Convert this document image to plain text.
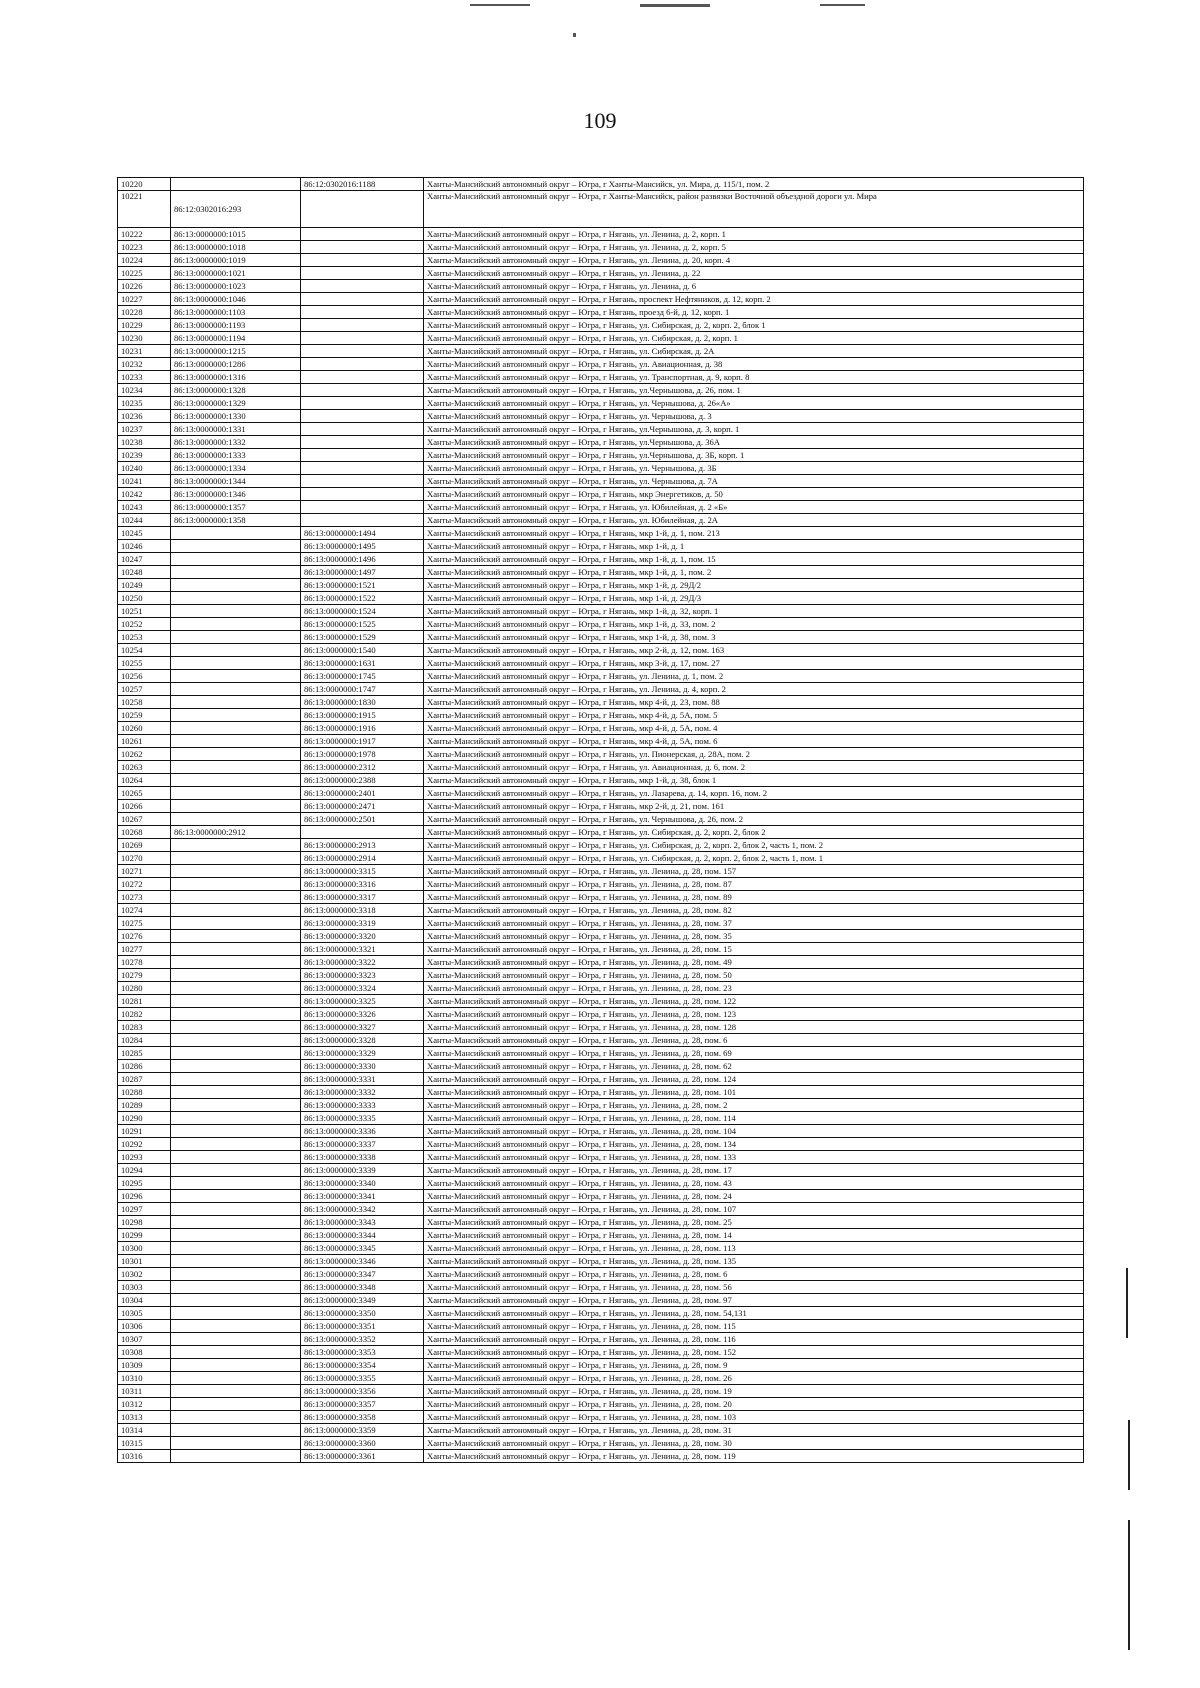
109
10220		86:12:0302016:1188	Ханты-Мансийский автономный округ – Югра, г Ханты-Мансийск, ул. Мира, д. 115/1, пом. 2
10221	86:12:0302016:293		Ханты-Мансийский автономный округ – Югра, г Ханты-Мансийск, район развязки Восточной объездной дороги ул. Мира
10222	86:13:0000000:1015		Ханты-Мансийский автономный округ – Югра, г Нягань, ул. Ленина, д. 2, корп. 1
10223	86:13:0000000:1018		Ханты-Мансийский автономный округ – Югра, г Нягань, ул. Ленина, д. 2, корп. 5
10224	86:13:0000000:1019		Ханты-Мансийский автономный округ – Югра, г Нягань, ул. Ленина, д. 20, корп. 4
10225	86:13:0000000:1021		Ханты-Мансийский автономный округ – Югра, г Нягань, ул. Ленина, д. 22
10226	86:13:0000000:1023		Ханты-Мансийский автономный округ – Югра, г Нягань, ул. Ленина, д. 6
10227	86:13:0000000:1046		Ханты-Мансийский автономный округ – Югра, г Нягань, проспект Нефтяников, д. 12, корп. 2
10228	86:13:0000000:1103		Ханты-Мансийский автономный округ – Югра, г Нягань, проезд 6-й, д. 12, корп. 1
10229	86:13:0000000:1193		Ханты-Мансийский автономный округ – Югра, г Нягань, ул. Сибирская, д. 2, корп. 2, блок 1
10230	86:13:0000000:1194		Ханты-Мансийский автономный округ – Югра, г Нягань, ул. Сибирская, д. 2, корп. 1
10231	86:13:0000000:1215		Ханты-Мансийский автономный округ – Югра, г Нягань, ул. Сибирская, д. 2А
10232	86:13:0000000:1286		Ханты-Мансийский автономный округ – Югра, г Нягань, ул. Авиационная, д. 38
10233	86:13:0000000:1316		Ханты-Мансийский автономный округ – Югра, г Нягань, ул. Транспортная, д. 9, корп. 8
10234	86:13:0000000:1328		Ханты-Мансийский автономный округ – Югра, г Нягань, ул.Чернышова, д. 26, пом. 1
10235	86:13:0000000:1329		Ханты-Мансийский автономный округ – Югра, г Нягань, ул. Чернышова, д. 26«А»
10236	86:13:0000000:1330		Ханты-Мансийский автономный округ – Югра, г Нягань, ул. Чернышова, д. 3
10237	86:13:0000000:1331		Ханты-Мансийский автономный округ – Югра, г Нягань, ул.Чернышова, д. 3, корп. 1
10238	86:13:0000000:1332		Ханты-Мансийский автономный округ – Югра, г Нягань, ул.Чернышова, д. 36А
10239	86:13:0000000:1333		Ханты-Мансийский автономный округ – Югра, г Нягань, ул.Чернышова, д. 3Б, корп. 1
10240	86:13:0000000:1334		Ханты-Мансийский автономный округ – Югра, г Нягань, ул. Чернышова, д. 3Б
10241	86:13:0000000:1344		Ханты-Мансийский автономный округ – Югра, г Нягань, ул. Чернышова, д. 7А
10242	86:13:0000000:1346		Ханты-Мансийский автономный округ – Югра, г Нягань, мкр Энергетиков, д. 50
10243	86:13:0000000:1357		Ханты-Мансийский автономный округ – Югра, г Нягань, ул. Юбилейная, д. 2 «Б»
10244	86:13:0000000:1358		Ханты-Мансийский автономный округ – Югра, г Нягань, ул. Юбилейная, д. 2А
10245		86:13:0000000:1494	Ханты-Мансийский автономный округ – Югра, г Нягань, мкр 1-й, д. 1, пом. 213
10246		86:13:0000000:1495	Ханты-Мансийский автономный округ – Югра, г Нягань, мкр 1-й, д. 1
10247		86:13:0000000:1496	Ханты-Мансийский автономный округ – Югра, г Нягань, мкр 1-й, д. 1, пом. 15
10248		86:13:0000000:1497	Ханты-Мансийский автономный округ – Югра, г Нягань, мкр 1-й, д. 1, пом. 2
10249		86:13:0000000:1521	Ханты-Мансийский автономный округ – Югра, г Нягань, мкр 1-й, д. 29Д/2
10250		86:13:0000000:1522	Ханты-Мансийский автономный округ – Югра, г Нягань, мкр 1-й, д. 29Д/3
10251		86:13:0000000:1524	Ханты-Мансийский автономный округ – Югра, г Нягань, мкр 1-й, д. 32, корп. 1
10252		86:13:0000000:1525	Ханты-Мансийский автономный округ – Югра, г Нягань, мкр 1-й, д. 33, пом. 2
10253		86:13:0000000:1529	Ханты-Мансийский автономный округ – Югра, г Нягань, мкр 1-й, д. 38, пом. 3
10254		86:13:0000000:1540	Ханты-Мансийский автономный округ – Югра, г Нягань, мкр 2-й, д. 12, пом. 163
10255		86:13:0000000:1631	Ханты-Мансийский автономный округ – Югра, г Нягань, мкр 3-й, д. 17, пом. 27
10256		86:13:0000000:1745	Ханты-Мансийский автономный округ – Югра, г Нягань, ул. Ленина, д. 1, пом. 2
10257		86:13:0000000:1747	Ханты-Мансийский автономный округ – Югра, г Нягань, ул. Ленина, д. 4, корп. 2
10258		86:13:0000000:1830	Ханты-Мансийский автономный округ – Югра, г Нягань, мкр 4-й, д. 23, пом. 88
10259		86:13:0000000:1915	Ханты-Мансийский автономный округ – Югра, г Нягань, мкр 4-й, д. 5А, пом. 5
10260		86:13:0000000:1916	Ханты-Мансийский автономный округ – Югра, г Нягань, мкр 4-й, д. 5А, пом. 4
10261		86:13:0000000:1917	Ханты-Мансийский автономный округ – Югра, г Нягань, мкр 4-й, д. 5А, пом. 6
10262		86:13:0000000:1978	Ханты-Мансийский автономный округ – Югра, г Нягань, ул. Пионерская, д. 28А, пом. 2
10263		86:13:0000000:2312	Ханты-Мансийский автономный округ – Югра, г Нягань, ул. Авиационная, д. 6, пом. 2
10264		86:13:0000000:2388	Ханты-Мансийский автономный округ – Югра, г Нягань, мкр 1-й, д. 38, блок 1
10265		86:13:0000000:2401	Ханты-Мансийский автономный округ – Югра, г Нягань, ул. Лазарева, д. 14, корп. 16, пом. 2
10266		86:13:0000000:2471	Ханты-Мансийский автономный округ – Югра, г Нягань, мкр 2-й, д. 21, пом. 161
10267		86:13:0000000:2501	Ханты-Мансийский автономный округ – Югра, г Нягань, ул. Чернышова, д. 26, пом. 2
10268	86:13:0000000:2912		Ханты-Мансийский автономный округ – Югра, г Нягань, ул. Сибирская, д. 2, корп. 2, блок 2
10269		86:13:0000000:2913	Ханты-Мансийский автономный округ – Югра, г Нягань, ул. Сибирская, д. 2, корп. 2, блок 2, часть 1, пом. 2
10270		86:13:0000000:2914	Ханты-Мансийский автономный округ – Югра, г Нягань, ул. Сибирская, д. 2, корп. 2, блок 2, часть 1, пом. 1
10271		86:13:0000000:3315	Ханты-Мансийский автономный округ – Югра, г Нягань, ул. Ленина, д. 28, пом. 157
10272		86:13:0000000:3316	Ханты-Мансийский автономный округ – Югра, г Нягань, ул. Ленина, д. 28, пом. 87
10273		86:13:0000000:3317	Ханты-Мансийский автономный округ – Югра, г Нягань, ул. Ленина, д. 28, пом. 89
10274		86:13:0000000:3318	Ханты-Мансийский автономный округ – Югра, г Нягань, ул. Ленина, д. 28, пом. 82
10275		86:13:0000000:3319	Ханты-Мансийский автономный округ – Югра, г Нягань, ул. Ленина, д. 28, пом. 37
10276		86:13:0000000:3320	Ханты-Мансийский автономный округ – Югра, г Нягань, ул. Ленина, д. 28, пом. 35
10277		86:13:0000000:3321	Ханты-Мансийский автономный округ – Югра, г Нягань, ул. Ленина, д. 28, пом. 15
10278		86:13:0000000:3322	Ханты-Мансийский автономный округ – Югра, г Нягань, ул. Ленина, д. 28, пом. 49
10279		86:13:0000000:3323	Ханты-Мансийский автономный округ – Югра, г Нягань, ул. Ленина, д. 28, пом. 50
10280		86:13:0000000:3324	Ханты-Мансийский автономный округ – Югра, г Нягань, ул. Ленина, д. 28, пом. 23
10281		86:13:0000000:3325	Ханты-Мансийский автономный округ – Югра, г Нягань, ул. Ленина, д. 28, пом. 122
10282		86:13:0000000:3326	Ханты-Мансийский автономный округ – Югра, г Нягань, ул. Ленина, д. 28, пом. 123
10283		86:13:0000000:3327	Ханты-Мансийский автономный округ – Югра, г Нягань, ул. Ленина, д. 28, пом. 128
10284		86:13:0000000:3328	Ханты-Мансийский автономный округ – Югра, г Нягань, ул. Ленина, д. 28, пом. 6
10285		86:13:0000000:3329	Ханты-Мансийский автономный округ – Югра, г Нягань, ул. Ленина, д. 28, пом. 69
10286		86:13:0000000:3330	Ханты-Мансийский автономный округ – Югра, г Нягань, ул. Ленина, д. 28, пом. 62
10287		86:13:0000000:3331	Ханты-Мансийский автономный округ – Югра, г Нягань, ул. Ленина, д. 28, пом. 124
10288		86:13:0000000:3332	Ханты-Мансийский автономный округ – Югра, г Нягань, ул. Ленина, д. 28, пом. 101
10289		86:13:0000000:3333	Ханты-Мансийский автономный округ – Югра, г Нягань, ул. Ленина, д. 28, пом. 2
10290		86:13:0000000:3335	Ханты-Мансийский автономный округ – Югра, г Нягань, ул. Ленина, д. 28, пом. 114
10291		86:13:0000000:3336	Ханты-Мансийский автономный округ – Югра, г Нягань, ул. Ленина, д. 28, пом. 104
10292		86:13:0000000:3337	Ханты-Мансийский автономный округ – Югра, г Нягань, ул. Ленина, д. 28, пом. 134
10293		86:13:0000000:3338	Ханты-Мансийский автономный округ – Югра, г Нягань, ул. Ленина, д. 28, пом. 133
10294		86:13:0000000:3339	Ханты-Мансийский автономный округ – Югра, г Нягань, ул. Ленина, д. 28, пом. 17
10295		86:13:0000000:3340	Ханты-Мансийский автономный округ – Югра, г Нягань, ул. Ленина, д. 28, пом. 43
10296		86:13:0000000:3341	Ханты-Мансийский автономный округ – Югра, г Нягань, ул. Ленина, д. 28, пом. 24
10297		86:13:0000000:3342	Ханты-Мансийский автономный округ – Югра, г Нягань, ул. Ленина, д. 28, пом. 107
10298		86:13:0000000:3343	Ханты-Мансийский автономный округ – Югра, г Нягань, ул. Ленина, д. 28, пом. 25
10299		86:13:0000000:3344	Ханты-Мансийский автономный округ – Югра, г Нягань, ул. Ленина, д. 28, пом. 14
10300		86:13:0000000:3345	Ханты-Мансийский автономный округ – Югра, г Нягань, ул. Ленина, д. 28, пом. 113
10301		86:13:0000000:3346	Ханты-Мансийский автономный округ – Югра, г Нягань, ул. Ленина, д. 28, пом. 135
10302		86:13:0000000:3347	Ханты-Мансийский автономный округ – Югра, г Нягань, ул. Ленина, д. 28, пом. 6
10303		86:13:0000000:3348	Ханты-Мансийский автономный округ – Югра, г Нягань, ул. Ленина, д. 28, пом. 56
10304		86:13:0000000:3349	Ханты-Мансийский автономный округ – Югра, г Нягань, ул. Ленина, д. 28, пом. 97
10305		86:13:0000000:3350	Ханты-Мансийский автономный округ – Югра, г Нягань, ул. Ленина, д. 28, пом. 54,131
10306		86:13:0000000:3351	Ханты-Мансийский автономный округ – Югра, г Нягань, ул. Ленина, д. 28, пом. 115
10307		86:13:0000000:3352	Ханты-Мансийский автономный округ – Югра, г Нягань, ул. Ленина, д. 28, пом. 116
10308		86:13:0000000:3353	Ханты-Мансийский автономный округ – Югра, г Нягань, ул. Ленина, д. 28, пом. 152
10309		86:13:0000000:3354	Ханты-Мансийский автономный округ – Югра, г Нягань, ул. Ленина, д. 28, пом. 9
10310		86:13:0000000:3355	Ханты-Мансийский автономный округ – Югра, г Нягань, ул. Ленина, д. 28, пом. 26
10311		86:13:0000000:3356	Ханты-Мансийский автономный округ – Югра, г Нягань, ул. Ленина, д. 28, пом. 19
10312		86:13:0000000:3357	Ханты-Мансийский автономный округ – Югра, г Нягань, ул. Ленина, д. 28, пом. 20
10313		86:13:0000000:3358	Ханты-Мансийский автономный округ – Югра, г Нягань, ул. Ленина, д. 28, пом. 103
10314		86:13:0000000:3359	Ханты-Мансийский автономный округ – Югра, г Нягань, ул. Ленина, д. 28, пом. 31
10315		86:13:0000000:3360	Ханты-Мансийский автономный округ – Югра, г Нягань, ул. Ленина, д. 28, пом. 30
10316		86:13:0000000:3361	Ханты-Мансийский автономный округ – Югра, г Нягань, ул. Ленина, д. 28, пом. 119
